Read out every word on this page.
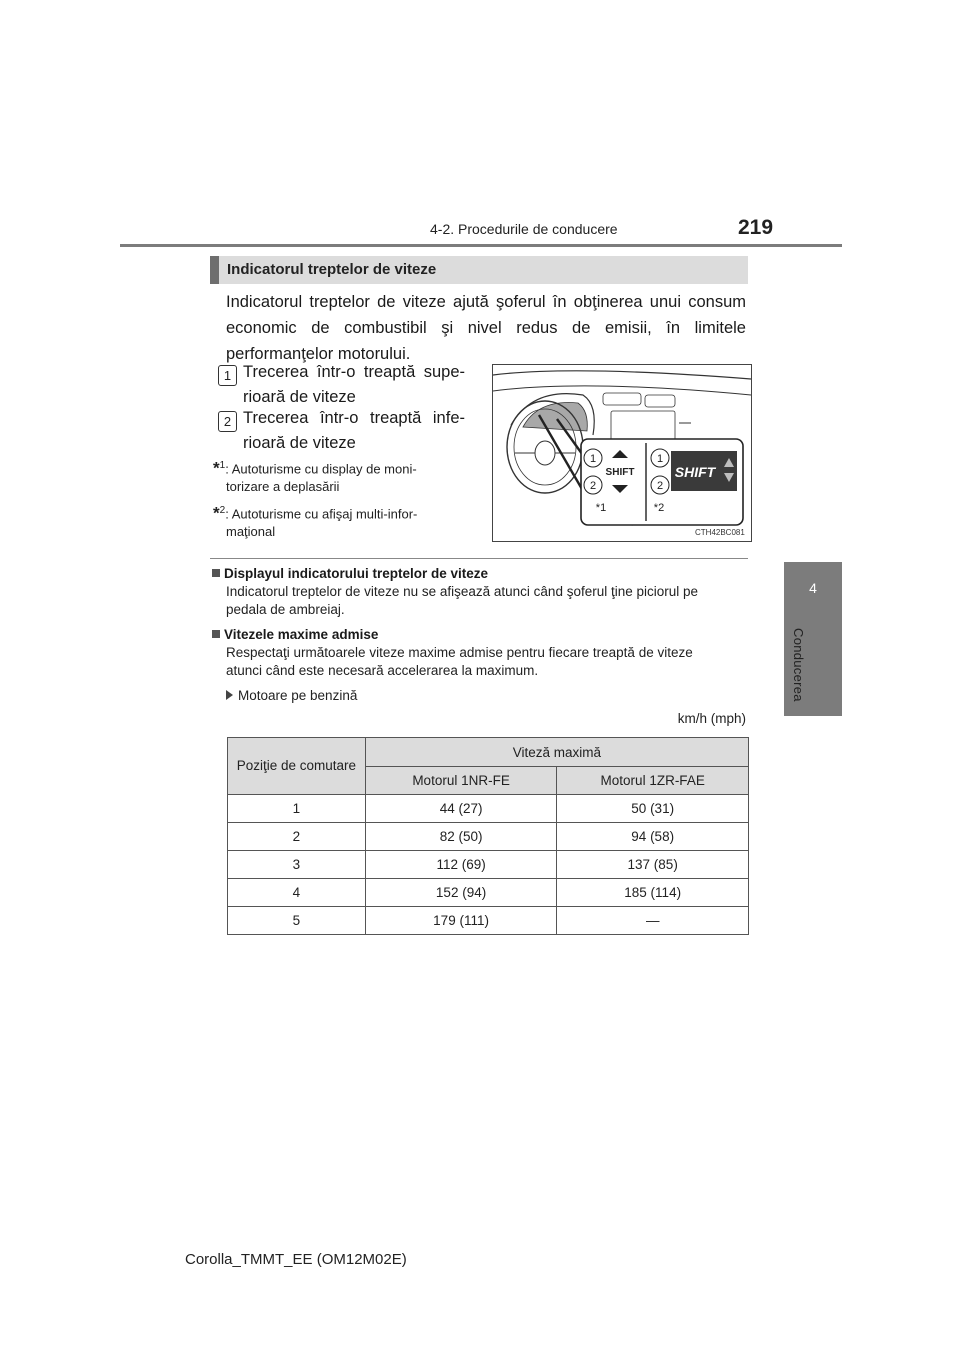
4-2. Procedurile de conducere	219
4
Conducerea
Indicatorul treptelor de viteze
Indicatorul treptelor de viteze ajută şoferul în obţinerea unui consum economic de combustibil şi nivel redus de emisii, în limitele performanţelor motorului.
1 Trecerea într-o treaptă supe-
rioară de viteze
2 Trecerea într-o treaptă infe-
rioară de viteze
*$^1$: Autoturisme cu display de moni-
torizare a deplasării
*$^2$: Autoturisme cu afişaj multi-infor-
maţional
1
2
SHIFT
*1
1
2
SHIFT
*2
CTH42BC081
Displayul indicatorului treptelor de viteze
Indicatorul treptelor de viteze nu se afişează atunci când şoferul ţine piciorul pe
pedala de ambreiaj.
Vitezele maxime admise
Respectaţi următoarele viteze maxime admise pentru fiecare treaptă de viteze
atunci când este necesară accelerarea la maximum.
Motoare pe benzină
km/h (mph)
Poziţie de comutare	Viteză maximă	
	Motorul 1NR-FE	Motorul 1ZR-FAE
1	44 (27)	50 (31)
2	82 (50)	94 (58)
3	112 (69)	137 (85)
4	152 (94)	185 (114)
5	179 (111)	—
Corolla_TMMT_EE (OM12M02E)
